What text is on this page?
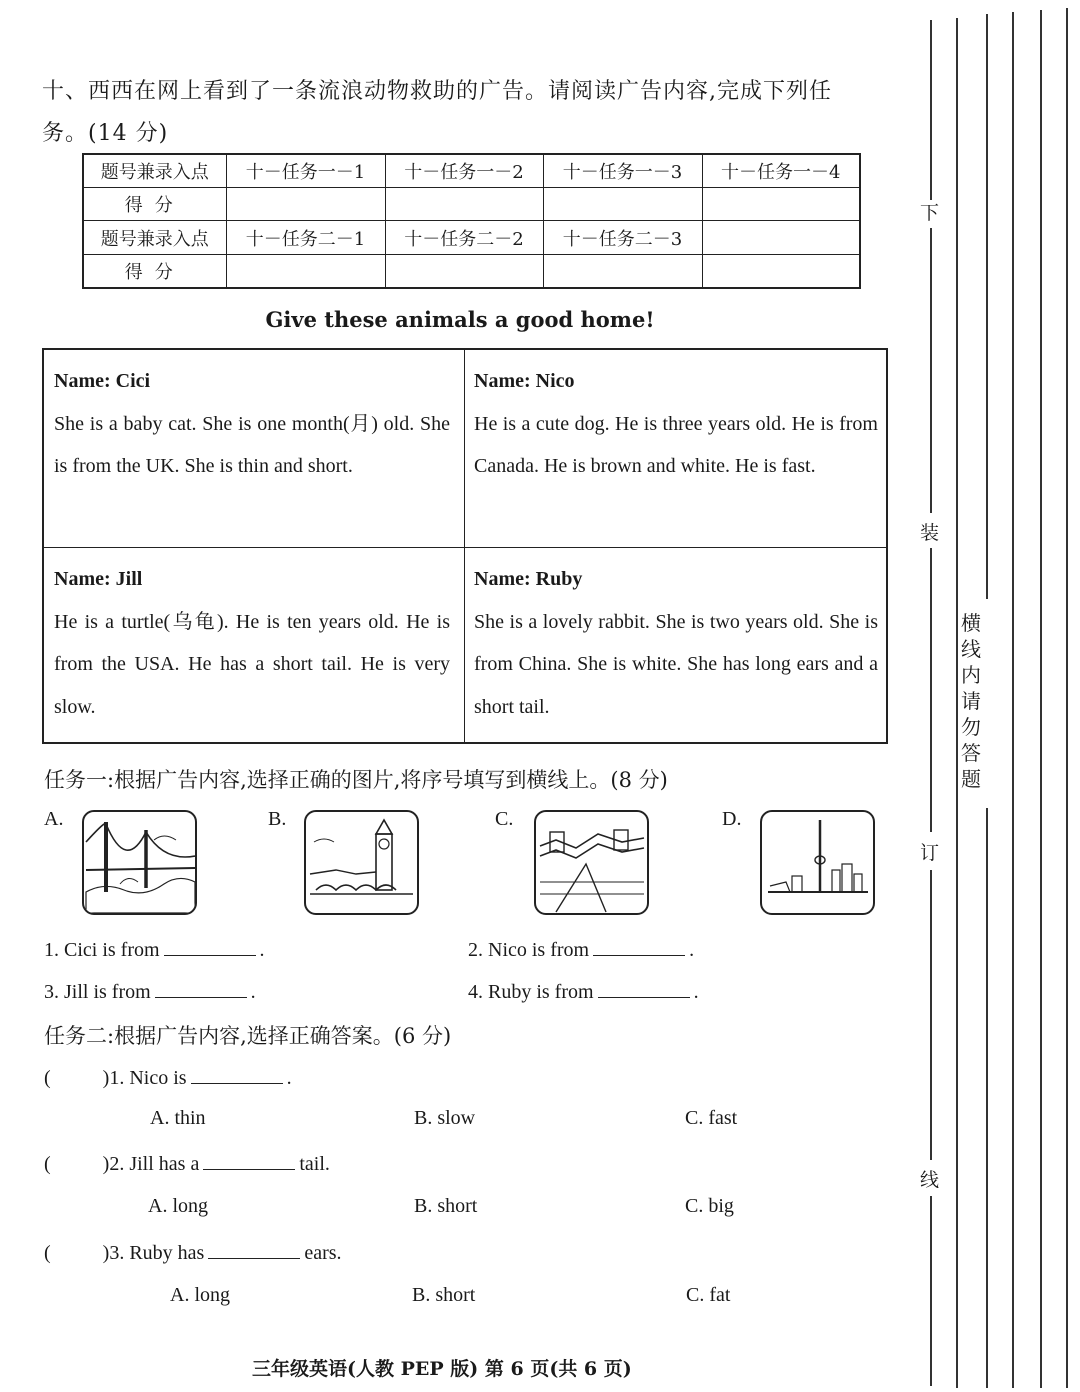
十、西西在网上看到了一条流浪动物救助的广告。请阅读广告内容,完成下列任
务。(14 分)
题号兼录入点	十－任务一－1	十－任务一－2	十－任务一－3	十－任务一－4
得分				
题号兼录入点	十－任务二－1	十－任务二－2	十－任务二－3	
得分				
Give these animals a good home!
Name: Cici
She is a baby cat. She is one month(月) old. She is from the UK. She is thin and short.
Name: Nico
He is a cute dog. He is three years old. He is from Canada. He is brown and white. He is fast.
Name: Jill
He is a turtle(乌龟). He is ten years old. He is from the USA. He has a short tail. He is very slow.
Name: Ruby
She is a lovely rabbit. She is two years old. She is from China. She is white. She has long ears and a short tail.
任务一:根据广告内容,选择正确的图片,将序号填写到横线上。(8 分)
A.	B.	C.	D.
1. Cici is from	.	2. Nico is from	.
3. Jill is from	.	4. Ruby is from	.
任务二:根据广告内容,选择正确答案。(6 分)
(	)1. Nico is	.
A. thin	B. slow	C. fast
(	)2. Jill has a	tail.
A. long	B. short	C. big
(	)3. Ruby has	ears.
A. long	B. short	C. fat
三年级英语(人教 PEP 版) 第 6 页(共 6 页)
下
装
订
线
横线内请勿答题
